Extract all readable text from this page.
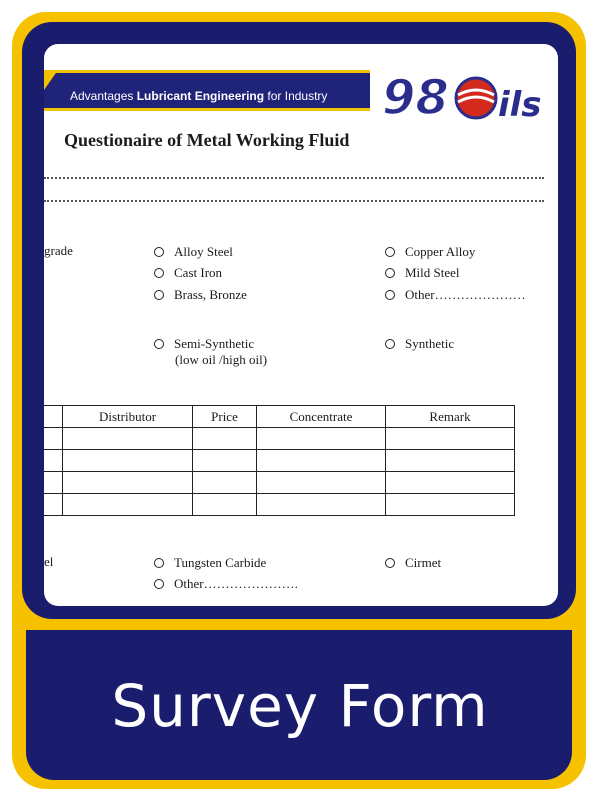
Advantages Lubricant Engineering for Industry 98 ils
Questionaire of Metal Working Fluid
grade	Alloy Steel
Cast Iron
Brass, Bronze
Copper Alloy
Mild Steel
Other…………………
Semi-Synthetic
(low oil /high oil)
Synthetic
	Distributor	Price	Concentrate	Remark

el	Tungsten Carbide	Cirmet
Other………………….
Survey Form
